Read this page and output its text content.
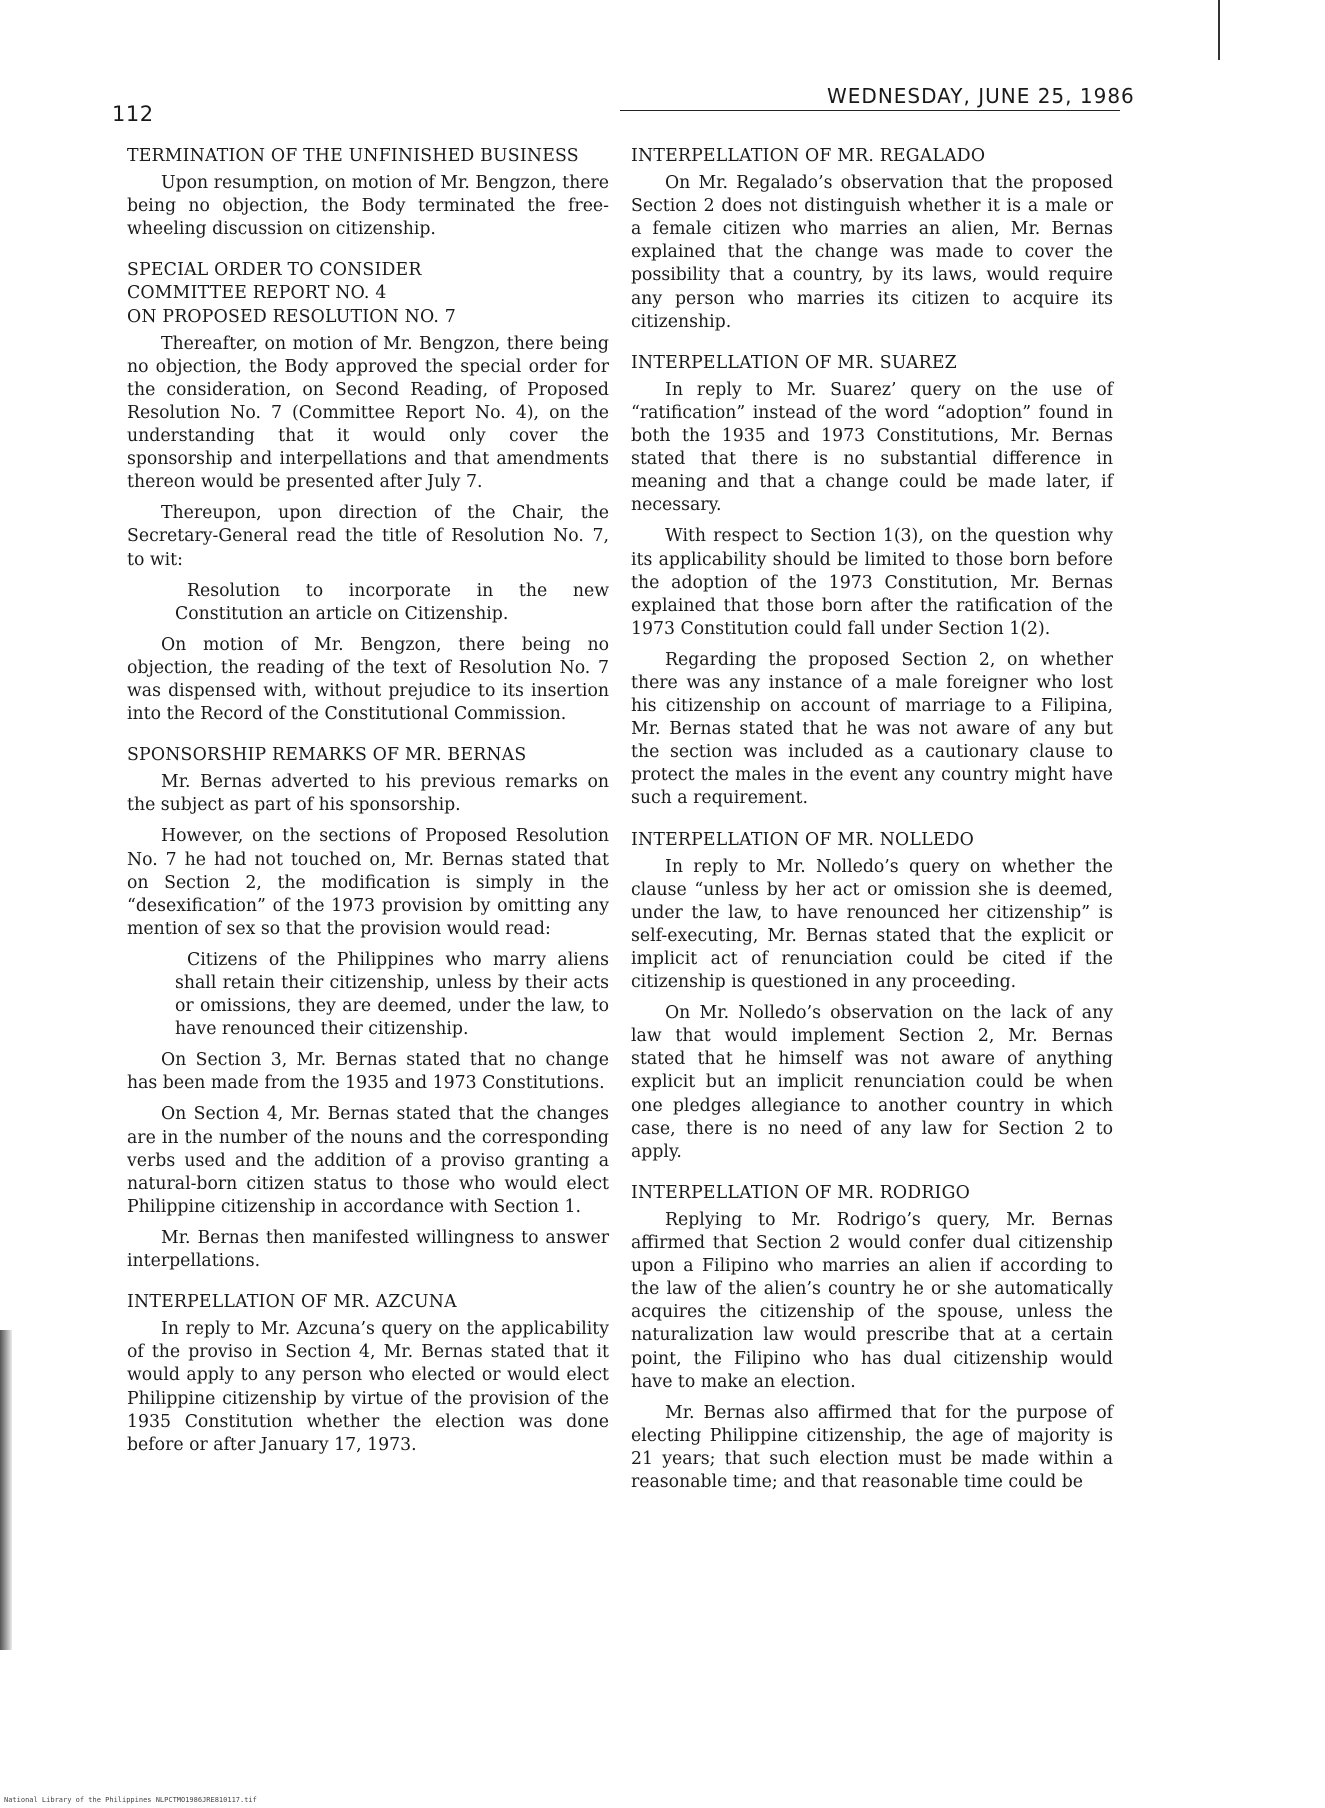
112
WEDNESDAY, JUNE 25, 1986
TERMINATION OF THE UNFINISHED BUSINESS

Upon resumption, on motion of Mr. Bengzon, there being no objection, the Body terminated the free-wheeling discussion on citizenship.

SPECIAL ORDER TO CONSIDER
COMMITTEE REPORT NO. 4
ON PROPOSED RESOLUTION NO. 7

Thereafter, on motion of Mr. Bengzon, there being no objection, the Body approved the special order for the consideration, on Second Reading, of Proposed Resolution No. 7 (Committee Report No. 4), on the understanding that it would only cover the sponsorship and interpellations and that amendments thereon would be presented after July 7.

Thereupon, upon direction of the Chair, the Secretary-General read the title of Resolution No. 7, to wit:

Resolution to incorporate in the new Constitution an article on Citizenship.

On motion of Mr. Bengzon, there being no objection, the reading of the text of Resolution No. 7 was dispensed with, without prejudice to its insertion into the Record of the Constitutional Commission.

SPONSORSHIP REMARKS OF MR. BERNAS

Mr. Bernas adverted to his previous remarks on the subject as part of his sponsorship.

However, on the sections of Proposed Resolution No. 7 he had not touched on, Mr. Bernas stated that on Section 2, the modification is simply in the “desexification” of the 1973 provision by omitting any mention of sex so that the provision would read:

Citizens of the Philippines who marry aliens shall retain their citizenship, unless by their acts or omissions, they are deemed, under the law, to have renounced their citizenship.

On Section 3, Mr. Bernas stated that no change has been made from the 1935 and 1973 Constitutions.

On Section 4, Mr. Bernas stated that the changes are in the number of the nouns and the corresponding verbs used and the addition of a proviso granting a natural-born citizen status to those who would elect Philippine citizenship in accordance with Section 1.

Mr. Bernas then manifested willingness to answer interpellations.

INTERPELLATION OF MR. AZCUNA

In reply to Mr. Azcuna’s query on the applicability of the proviso in Section 4, Mr. Bernas stated that it would apply to any person who elected or would elect Philippine citizenship by virtue of the provision of the 1935 Constitution whether the election was done before or after January 17, 1973.

INTERPELLATION OF MR. REGALADO

On Mr. Regalado’s observation that the proposed Section 2 does not distinguish whether it is a male or a female citizen who marries an alien, Mr. Bernas explained that the change was made to cover the possibility that a country, by its laws, would require any person who marries its citizen to acquire its citizenship.

INTERPELLATION OF MR. SUAREZ

In reply to Mr. Suarez’ query on the use of “ratification” instead of the word “adoption” found in both the 1935 and 1973 Constitutions, Mr. Bernas stated that there is no substantial difference in meaning and that a change could be made later, if necessary.

With respect to Section 1(3), on the question why its applicability should be limited to those born before the adoption of the 1973 Constitution, Mr. Bernas explained that those born after the ratification of the 1973 Constitution could fall under Section 1(2).

Regarding the proposed Section 2, on whether there was any instance of a male foreigner who lost his citizenship on account of marriage to a Filipina, Mr. Bernas stated that he was not aware of any but the section was included as a cautionary clause to protect the males in the event any country might have such a requirement.

INTERPELLATION OF MR. NOLLEDO

In reply to Mr. Nolledo’s query on whether the clause “unless by her act or omission she is deemed, under the law, to have renounced her citizenship” is self-executing, Mr. Bernas stated that the explicit or implicit act of renunciation could be cited if the citizenship is questioned in any proceeding.

On Mr. Nolledo’s observation on the lack of any law that would implement Section 2, Mr. Bernas stated that he himself was not aware of anything explicit but an implicit renunciation could be when one pledges allegiance to another country in which case, there is no need of any law for Section 2 to apply.

INTERPELLATION OF MR. RODRIGO

Replying to Mr. Rodrigo’s query, Mr. Bernas affirmed that Section 2 would confer dual citizenship upon a Filipino who marries an alien if according to the law of the alien’s country he or she automatically acquires the citizenship of the spouse, unless the naturalization law would prescribe that at a certain point, the Filipino who has dual citizenship would have to make an election.

Mr. Bernas also affirmed that for the purpose of electing Philippine citizenship, the age of majority is 21 years; that such election must be made within a reasonable time; and that reasonable time could be

National Library of the Philippines NLPCTMO1986JRE810117.tif
